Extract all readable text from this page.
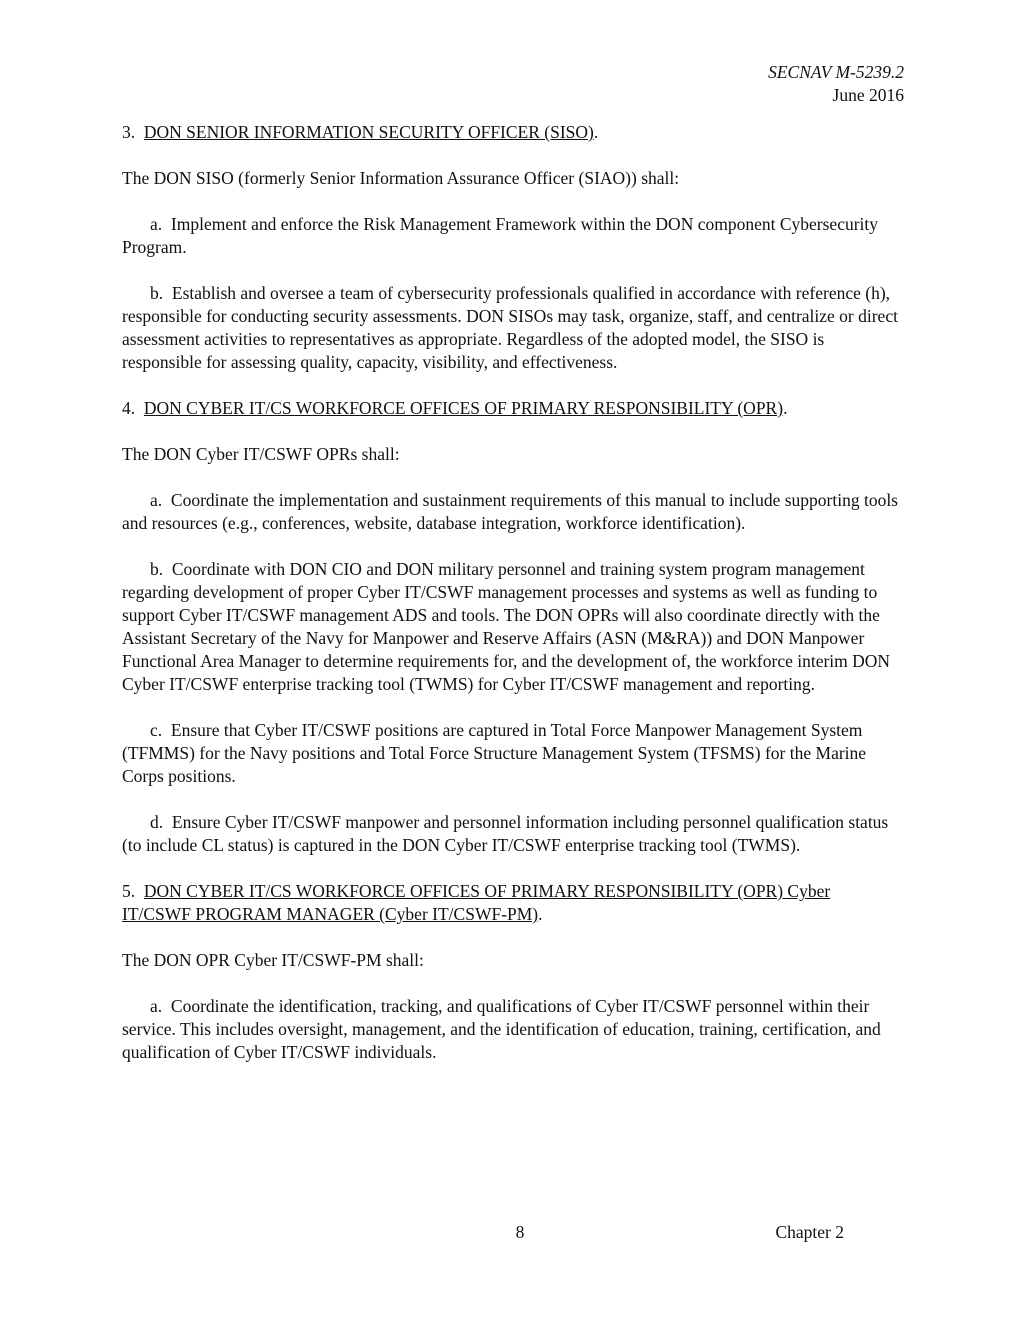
SECNAV M-5239.2
June 2016

3. DON SENIOR INFORMATION SECURITY OFFICER (SISO).

The DON SISO (formerly Senior Information Assurance Officer (SIAO)) shall:

a. Implement and enforce the Risk Management Framework within the DON component Cybersecurity Program.

b. Establish and oversee a team of cybersecurity professionals qualified in accordance with reference (h), responsible for conducting security assessments. DON SISOs may task, organize, staff, and centralize or direct assessment activities to representatives as appropriate. Regardless of the adopted model, the SISO is responsible for assessing quality, capacity, visibility, and effectiveness.

4. DON CYBER IT/CS WORKFORCE OFFICES OF PRIMARY RESPONSIBILITY (OPR).

The DON Cyber IT/CSWF OPRs shall:

a. Coordinate the implementation and sustainment requirements of this manual to include supporting tools and resources (e.g., conferences, website, database integration, workforce identification).

b. Coordinate with DON CIO and DON military personnel and training system program management regarding development of proper Cyber IT/CSWF management processes and systems as well as funding to support Cyber IT/CSWF management ADS and tools. The DON OPRs will also coordinate directly with the Assistant Secretary of the Navy for Manpower and Reserve Affairs (ASN (M&RA)) and DON Manpower Functional Area Manager to determine requirements for, and the development of, the workforce interim DON Cyber IT/CSWF enterprise tracking tool (TWMS) for Cyber IT/CSWF management and reporting.

c. Ensure that Cyber IT/CSWF positions are captured in Total Force Manpower Management System (TFMMS) for the Navy positions and Total Force Structure Management System (TFSMS) for the Marine Corps positions.

d. Ensure Cyber IT/CSWF manpower and personnel information including personnel qualification status (to include CL status) is captured in the DON Cyber IT/CSWF enterprise tracking tool (TWMS).

5. DON CYBER IT/CS WORKFORCE OFFICES OF PRIMARY RESPONSIBILITY (OPR) Cyber IT/CSWF PROGRAM MANAGER (Cyber IT/CSWF-PM).

The DON OPR Cyber IT/CSWF-PM shall:

a. Coordinate the identification, tracking, and qualifications of Cyber IT/CSWF personnel within their service. This includes oversight, management, and the identification of education, training, certification, and qualification of Cyber IT/CSWF individuals.

8	Chapter 2
